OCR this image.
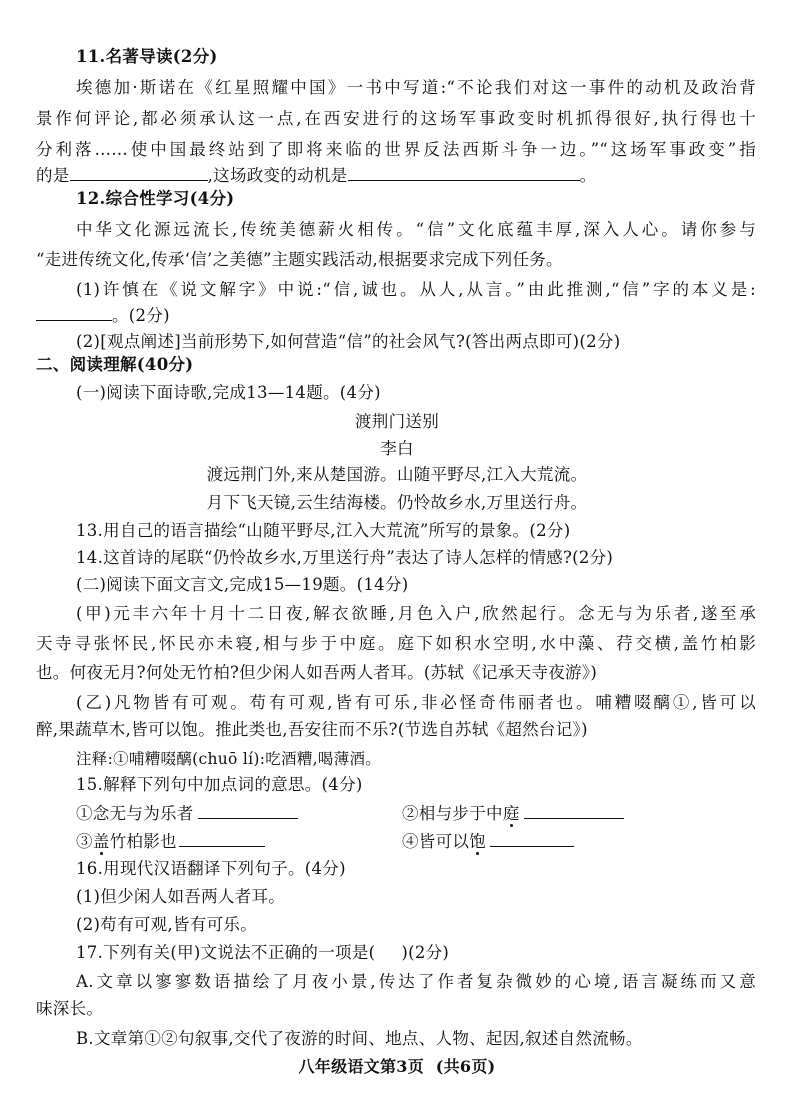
11.名著导读(2分)
埃德加·斯诺在《红星照耀中国》一书中写道:“不论我们对这一事件的动机及政治背
景作何评论,都必须承认这一点,在西安进行的这场军事政变时机抓得很好,执行得也十
分利落……使中国最终站到了即将来临的世界反法西斯斗争一边。”“这场军事政变”指
的是	,这场政变的动机是	。
12.综合性学习(4分)
中华文化源远流长,传统美德薪火相传。“信”文化底蕴丰厚,深入人心。请你参与
“走进传统文化,传承‘信’之美德”主题实践活动,根据要求完成下列任务。
(1)许慎在《说文解字》中说:“信,诚也。从人,从言。”由此推测,“信”字的本义是:
。(2分)
(2)[观点阐述]当前形势下,如何营造“信”的社会风气?(答出两点即可)(2分)
二、阅读理解(40分)
(一)阅读下面诗歌,完成13—14题。(4分)
渡荆门送别
李白
渡远荆门外,来从楚国游。山随平野尽,江入大荒流。
月下飞天镜,云生结海楼。仍怜故乡水,万里送行舟。
13.用自己的语言描绘“山随平野尽,江入大荒流”所写的景象。(2分)
14.这首诗的尾联“仍怜故乡水,万里送行舟”表达了诗人怎样的情感?(2分)
(二)阅读下面文言文,完成15—19题。(14分)
(甲)元丰六年十月十二日夜,解衣欲睡,月色入户,欣然起行。念无与为乐者,遂至承
天寺寻张怀民,怀民亦未寝,相与步于中庭。庭下如积水空明,水中藻、荇交横,盖竹柏影
也。何夜无月?何处无竹柏?但少闲人如吾两人者耳。(苏轼《记承天寺夜游》)
(乙)凡物皆有可观。苟有可观,皆有可乐,非必怪奇伟丽者也。哺糟啜醨①,皆可以
醉,果蔬草木,皆可以饱。推此类也,吾安往而不乐?(节选自苏轼《超然台记》)
注释:①哺糟啜醨(chuō lí):吃酒糟,喝薄酒。
15.解释下列句中加点词的意思。(4分)
①念无与为乐者	②相与步于中庭
③盖竹柏影也	④皆可以饱
16.用现代汉语翻译下列句子。(4分)
(1)但少闲人如吾两人者耳。
(2)苟有可观,皆有可乐。
17.下列有关(甲)文说法不正确的一项是( )(2分)
A.文章以寥寥数语描绘了月夜小景,传达了作者复杂微妙的心境,语言凝练而又意
味深长。
B.文章第①②句叙事,交代了夜游的时间、地点、人物、起因,叙述自然流畅。
八年级语文第3页  (共6页)
